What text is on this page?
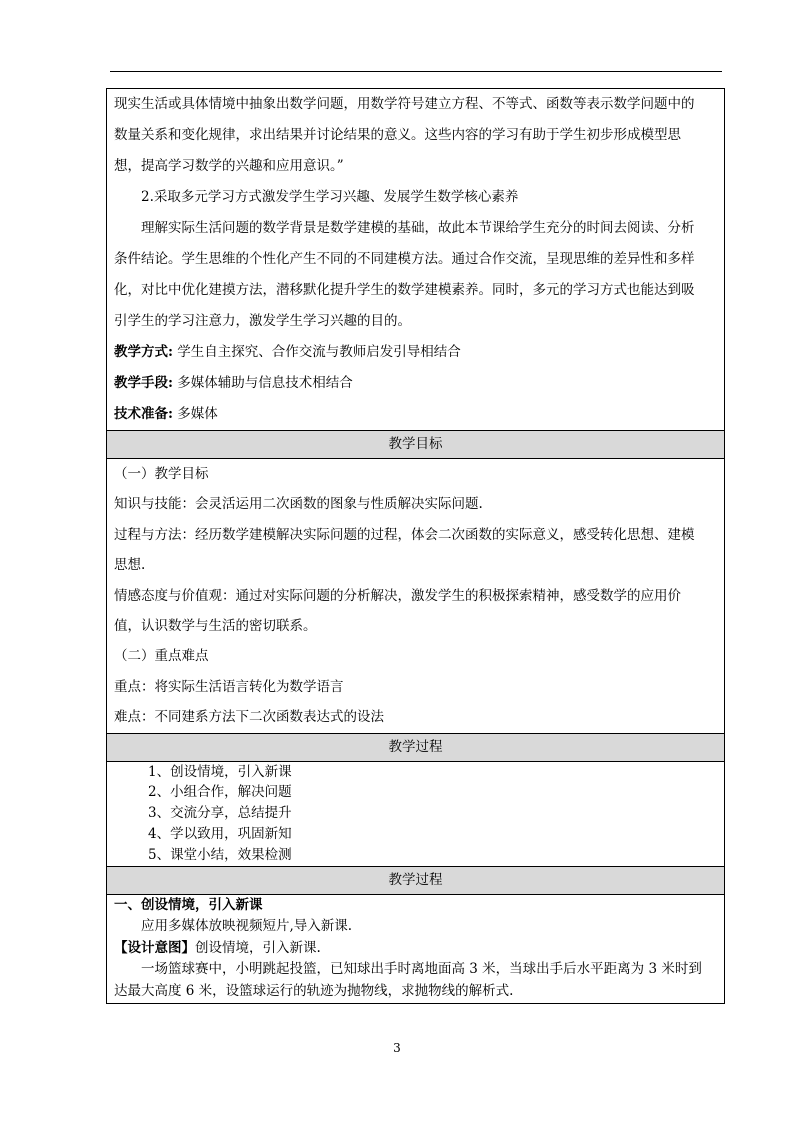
现实生活或具体情境中抽象出数学问题，用数学符号建立方程、不等式、函数等表示数学问题中的

数量关系和变化规律，求出结果并讨论结果的意义。这些内容的学习有助于学生初步形成模型思

想，提高学习数学的兴趣和应用意识。”

2.采取多元学习方式激发学生学习兴趣、发展学生数学核心素养

理解实际生活问题的数学背景是数学建模的基础，故此本节课给学生充分的时间去阅读、分析

条件结论。学生思维的个性化产生不同的不同建模方法。通过合作交流，呈现思维的差异性和多样

化，对比中优化建摸方法，潜移默化提升学生的数学建模素养。同时，多元的学习方式也能达到吸

引学生的学习注意力，激发学生学习兴趣的目的。

教学方式: 学生自主探究、合作交流与教师启发引导相结合

教学手段: 多媒体辅助与信息技术相结合

技术准备: 多媒体

教学目标

（一）教学目标

知识与技能：会灵活运用二次函数的图象与性质解决实际问题.

过程与方法：经历数学建模解决实际问题的过程，体会二次函数的实际意义，感受转化思想、建模

思想.

情感态度与价值观：通过对实际问题的分析解决，激发学生的积极探索精神，感受数学的应用价

值，认识数学与生活的密切联系。

（二）重点难点

重点：将实际生活语言转化为数学语言

难点：不同建系方法下二次函数表达式的设法

教学过程

1、创设情境，引入新课

2、小组合作，解决问题

3、交流分享，总结提升

4、学以致用，巩固新知

5、课堂小结，效果检测

教学过程

一、创设情境，引入新课

应用多媒体放映视频短片,导入新课.

【设计意图】创设情境，引入新课.

一场篮球赛中，小明跳起投篮，已知球出手时离地面高 3 米，当球出手后水平距离为 3 米时到

达最大高度 6 米，设篮球运行的轨迹为抛物线，求抛物线的解析式.

3
